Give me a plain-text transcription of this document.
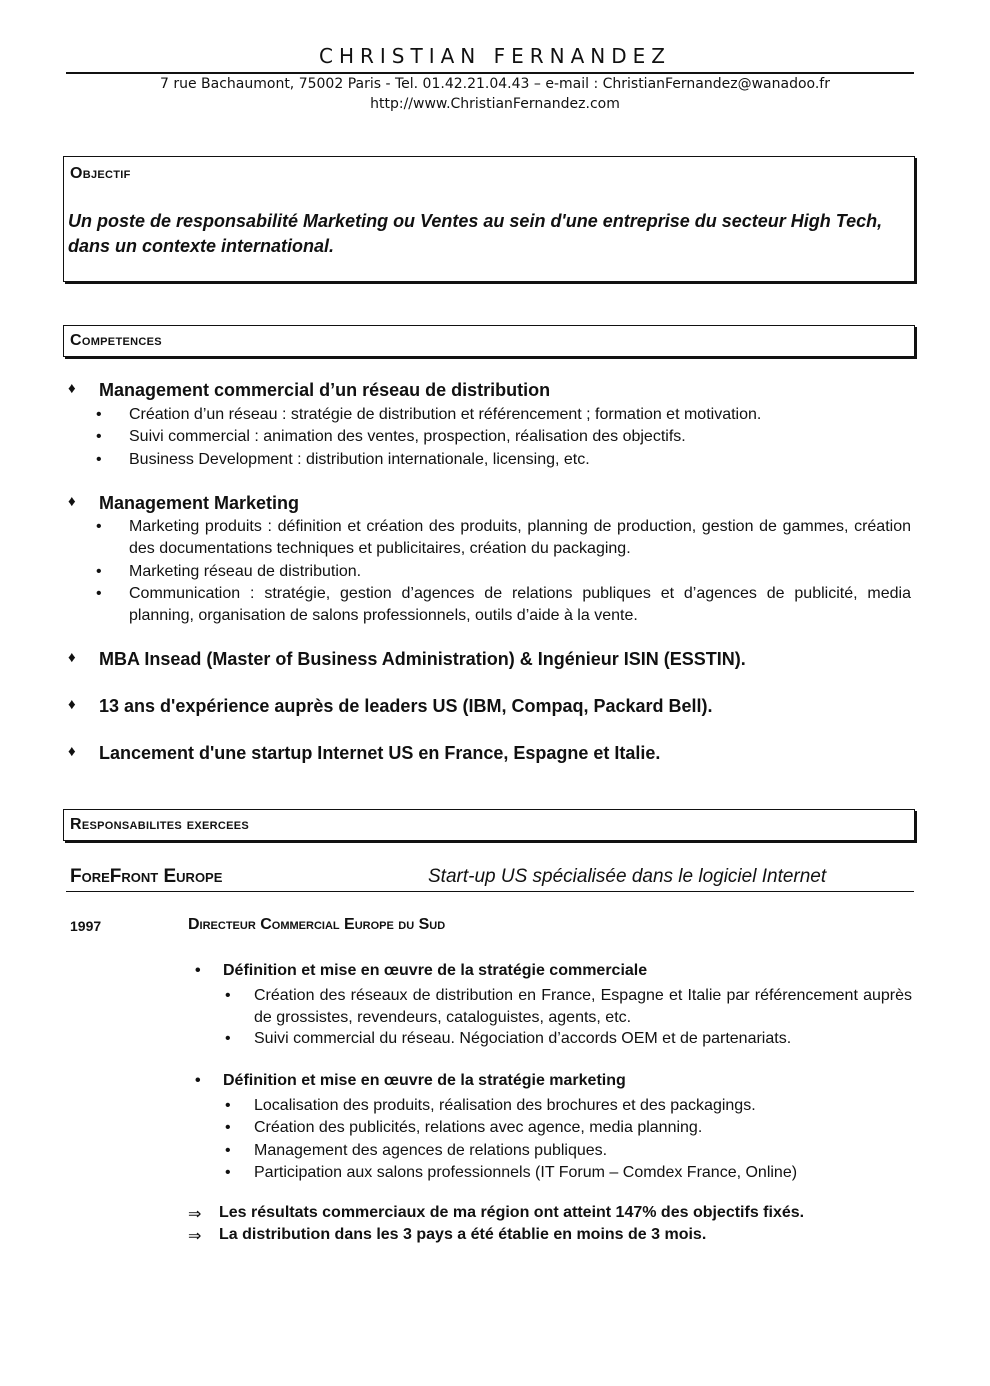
CHRISTIAN FERNANDEZ
7 rue Bachaumont, 75002 Paris - Tel. 01.42.21.04.43 – e-mail : ChristianFernandez@wanadoo.fr
http://www.ChristianFernandez.com
Objectif
Un poste de responsabilité Marketing ou Ventes au sein d'une entreprise du secteur High Tech, dans un contexte international.
Competences
♦ Management commercial d’un réseau de distribution
• Création d’un réseau : stratégie de distribution et référencement ; formation et motivation.
• Suivi commercial : animation des ventes, prospection, réalisation des objectifs.
• Business Development : distribution internationale, licensing, etc.
♦ Management Marketing
• Marketing produits : définition et création des produits, planning de production, gestion de gammes, création des documentations techniques et publicitaires, création du packaging.
• Marketing réseau de distribution.
• Communication : stratégie, gestion d’agences de relations publiques et d’agences de publicité, media planning, organisation de salons professionnels, outils d’aide à la vente.
♦ MBA Insead (Master of Business Administration) & Ingénieur ISIN (ESSTIN).
♦ 13 ans d'expérience auprès de leaders US (IBM, Compaq, Packard Bell).
♦ Lancement d'une startup Internet US en France, Espagne et Italie.
Responsabilites exercees
ForeFront Europe	Start-up US spécialisée dans le logiciel Internet
1997	Directeur Commercial Europe du Sud
• Définition et mise en œuvre de la stratégie commerciale
• Création des réseaux de distribution en France, Espagne et Italie par référencement auprès de grossistes, revendeurs, cataloguistes, agents, etc.
• Suivi commercial du réseau. Négociation d’accords OEM et de partenariats.
• Définition et mise en œuvre de la stratégie marketing
• Localisation des produits, réalisation des brochures et des packagings.
• Création des publicités, relations avec agence, media planning.
• Management des agences de relations publiques.
• Participation aux salons professionnels (IT Forum – Comdex France, Online)
⇒ Les résultats commerciaux de ma région ont atteint 147% des objectifs fixés.
⇒ La distribution dans les 3 pays a été établie en moins de 3 mois.
